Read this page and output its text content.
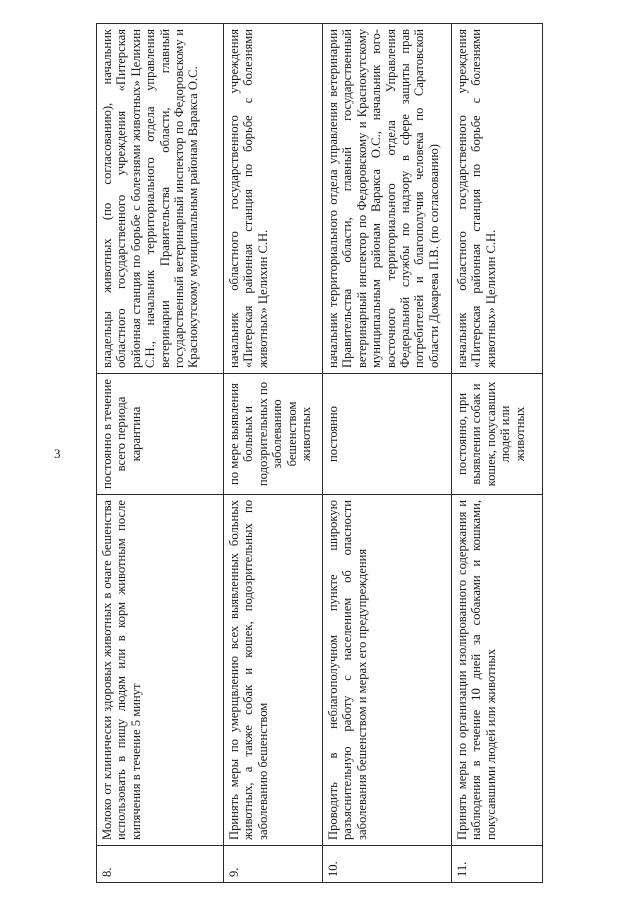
3
8.	Молоко от клинически здоровых животных в очаге бешенства использовать в пищу людям или в корм животным после кипячения в течение 5 минут	постоянно в течение всего периода карантина	владельцы животных (по согласованию), начальник областного государственного учреждения «Питерская районная станция по борьбе с болезнями животных» Целихин С.Н., начальник территориального отдела управления ветеринарии Правительства области, главный государственный ветеринарный инспектор по Федоровскому и Краснокутскому муниципальным районам Варакса О.С.
9.	Принять меры по умерщвлению всех выявленных больных животных, а также собак и кошек, подозрительных по заболеванию бешенством	по мере выявления больных и подозрительных по заболеванию бешенством животных	начальник областного государственного учреждения «Питерская районная станция по борьбе с болезнями животных» Целихин С.Н.
10.	Проводить в неблагополучном пункте широкую разъяснительную работу с населением об опасности заболевания бешенством и мерах его предупреждения	постоянно	начальник территориального отдела управления ветеринарии Правительства области, главный государственный ветеринарный инспектор по Федоровскому и Краснокутскому муниципальным районам Варакса О.С., начальник юго-восточного территориального отдела Управления Федеральной службы по надзору в сфере защиты прав потребителей и благополучия человека по Саратовской области Докарева П.В. (по согласованию)
11.	Принять меры по организации изолированного содержания и наблюдения в течение 10 дней за собаками и кошками, покусавшими людей или животных	постоянно, при выявлении собак и кошек, покусавших людей или животных	начальник областного государственного учреждения «Питерская районная станция по борьбе с болезнями животных» Целихин С.Н.
